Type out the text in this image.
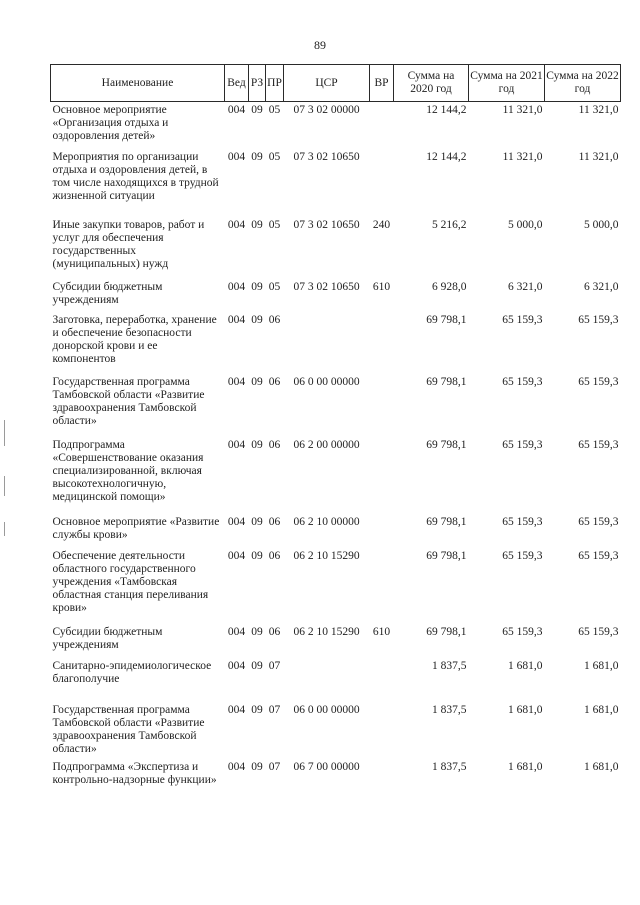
89
Наименование	Вед	РЗ	ПР	ЦСР	ВР	Сумма на 2020 год	Сумма на 2021 год	Сумма на 2022 год
Основное мероприятие «Организация отдыха и оздоровления детей»	004	09	05	07 3 02 00000		12 144,2	11 321,0	11 321,0
Мероприятия по организации отдыха и оздоровления детей, в том числе находящихся в трудной жизненной ситуации	004	09	05	07 3 02 10650		12 144,2	11 321,0	11 321,0
Иные закупки товаров, работ и услуг для обеспечения государственных (муниципальных) нужд	004	09	05	07 3 02 10650	240	5 216,2	5 000,0	5 000,0
Субсидии бюджетным учреждениям	004	09	05	07 3 02 10650	610	6 928,0	6 321,0	6 321,0
Заготовка, переработка, хранение и обеспечение безопасности донорской крови и ее компонентов	004	09	06			69 798,1	65 159,3	65 159,3
Государственная программа Тамбовской области «Развитие здравоохранения Тамбовской области»	004	09	06	06 0 00 00000		69 798,1	65 159,3	65 159,3
Подпрограмма «Совершенствование оказания специализированной, включая высокотехнологичную, медицинской помощи»	004	09	06	06 2 00 00000		69 798,1	65 159,3	65 159,3
Основное мероприятие «Развитие службы крови»	004	09	06	06 2 10 00000		69 798,1	65 159,3	65 159,3
Обеспечение деятельности областного государственного учреждения «Тамбовская областная станция переливания крови»	004	09	06	06 2 10 15290		69 798,1	65 159,3	65 159,3
Субсидии бюджетным учреждениям	004	09	06	06 2 10 15290	610	69 798,1	65 159,3	65 159,3
Санитарно-эпидемиологическое благополучие	004	09	07			1 837,5	1 681,0	1 681,0
Государственная программа Тамбовской области «Развитие здравоохранения Тамбовской области»	004	09	07	06 0 00 00000		1 837,5	1 681,0	1 681,0
Подпрограмма «Экспертиза и контрольно-надзорные функции»	004	09	07	06 7 00 00000		1 837,5	1 681,0	1 681,0
